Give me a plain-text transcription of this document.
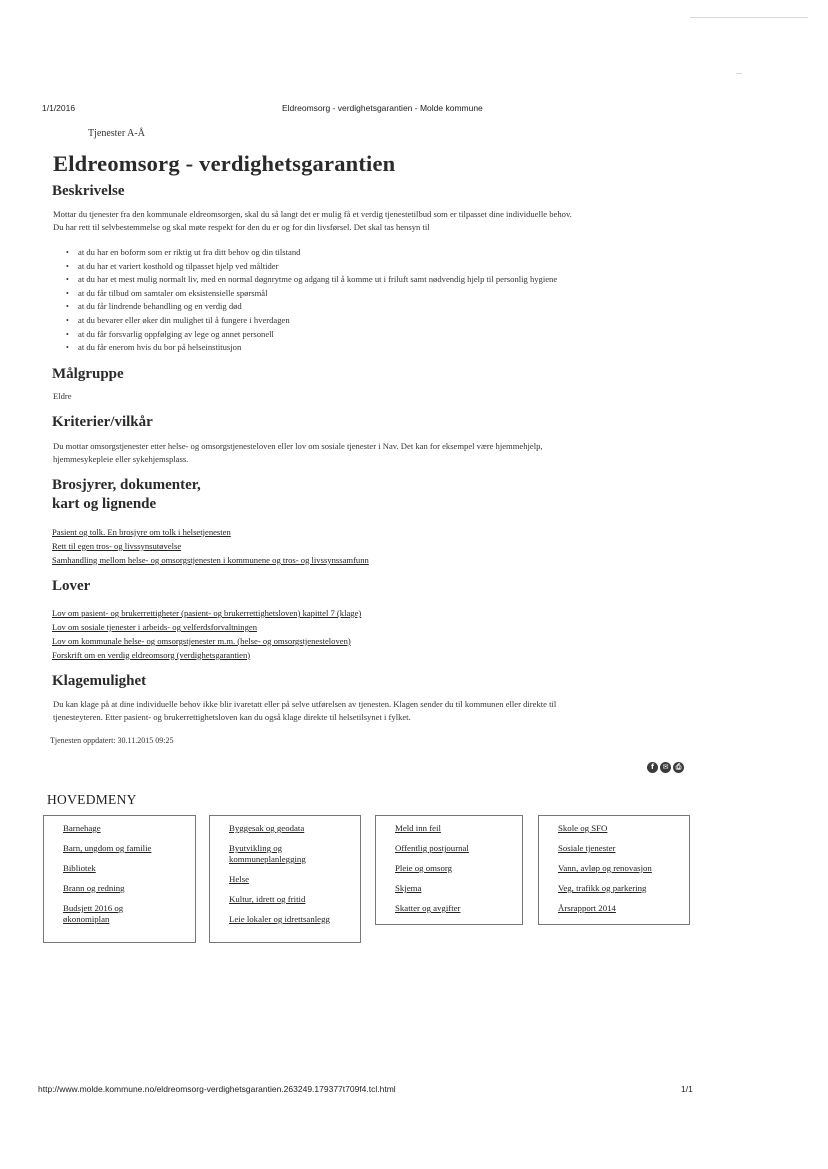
1/1/2016	Eldreomsorg - verdighetsgarantien - Molde kommune
Tjenester A-Å
Eldreomsorg - verdighetsgarantien
Beskrivelse

Mottar du tjenester fra den kommunale eldreomsorgen, skal du så langt det er mulig få et verdig tjenestetilbud som er tilpasset dine individuelle behov.

Du har rett til selvbestemmelse og skal møte respekt for den du er og for din livsførsel. Det skal tas hensyn til

• at du har en boform som er riktig ut fra ditt behov og din tilstand
• at du har et variert kosthold og tilpasset hjelp ved måltider
• at du har et mest mulig normalt liv, med en normal døgnrytme og adgang til å komme ut i friluft samt nødvendig hjelp til personlig hygiene
• at du får tilbud om samtaler om eksistensielle spørsmål
• at du får lindrende behandling og en verdig død
• at du bevarer eller øker din mulighet til å fungere i hverdagen
• at du får forsvarlig oppfølging av lege og annet personell
• at du får enerom hvis du bor på helseinstitusjon
Målgruppe

Eldre

Kriterier/vilkår

Du mottar omsorgstjenester etter helse- og omsorgstjenesteloven eller lov om sosiale tjenester i Nav. Det kan for eksempel være hjemmehjelp,

hjemmesykepleie eller sykehjemsplass.

Brosjyrer, dokumenter,
kart og lignende
Pasient og tolk. En brosjyre om tolk i helsetjenesten
Rett til egen tros- og livssynsutøvelse
Samhandling mellom helse- og omsorgstjenesten i kommunene og tros- og livssynssamfunn
Lover
Lov om pasient- og brukerrettigheter (pasient- og brukerrettighetsloven) kapittel 7 (klage)
Lov om sosiale tjenester i arbeids- og velferdsforvaltningen
Lov om kommunale helse- og omsorgstjenester m.m. (helse- og omsorgstjenesteloven)
Forskrift om en verdig eldreomsorg (verdighetsgarantien)
Klagemulighet

Du kan klage på at dine individuelle behov ikke blir ivaretatt eller på selve utførelsen av tjenesten. Klagen sender du til kommunen eller direkte til

tjenesteyteren. Etter pasient- og brukerrettighetsloven kan du også klage direkte til helsetilsynet i fylket.

Tjenesten oppdatert: 30.11.2015 09:25
f	✉	⎙
HOVEDMENY
Barnehage
Barn, ungdom og familie
Bibliotek
Brann og redning
Budsjett 2016 og økonomiplan
Byggesak og geodata
Byutvikling og kommuneplanlegging
Helse
Kultur, idrett og fritid
Leie lokaler og idrettsanlegg
Meld inn feil
Offentlig postjournal
Pleie og omsorg
Skjema
Skatter og avgifter
Skole og SFO
Sosiale tjenester
Vann, avløp og renovasjon
Veg, trafikk og parkering
Årsrapport 2014
http://www.molde.kommune.no/eldreomsorg-verdighetsgarantien.263249.179377t709f4.tcl.html	1/1
